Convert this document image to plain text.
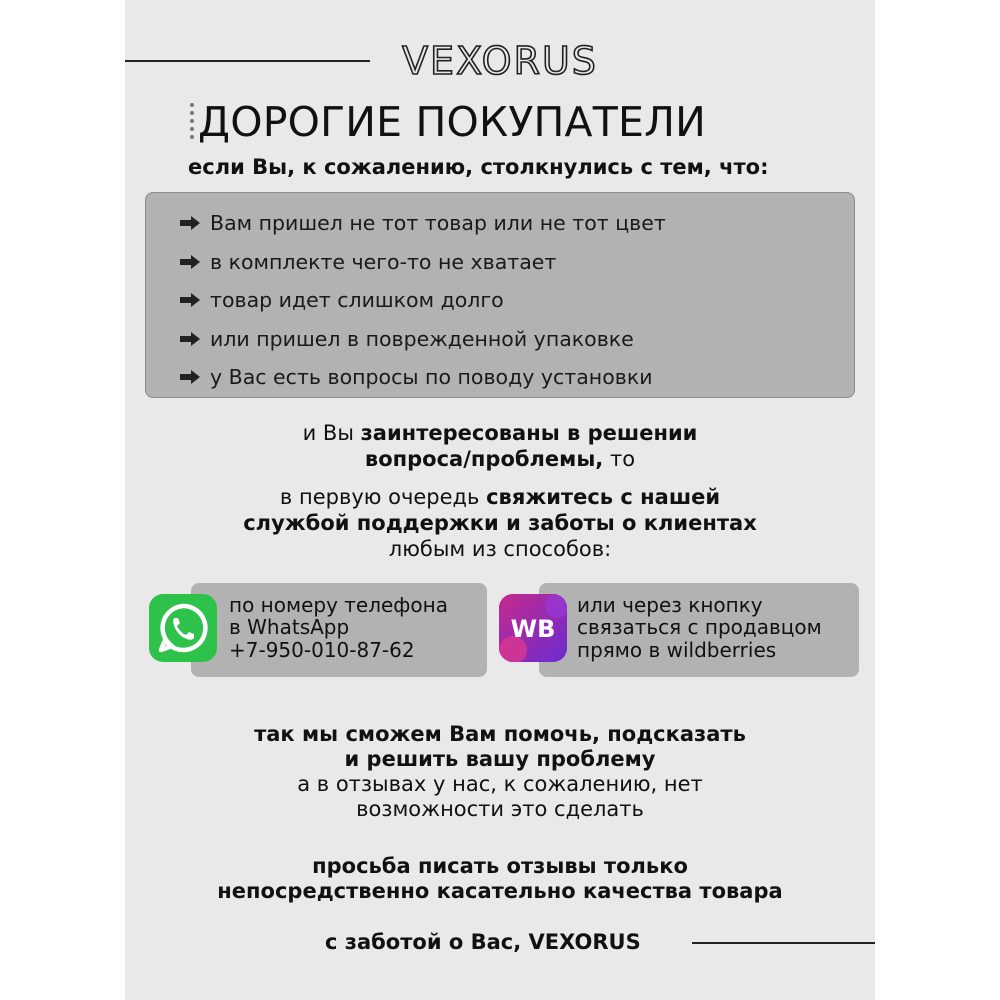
VEXORUS
ДОРОГИЕ ПОКУПАТЕЛИ
если Вы, к сожалению, столкнулись с тем, что:
Вам пришел не тот товар или не тот цвет
в комплекте чего-то не хватает
товар идет слишком долго
или пришел в поврежденной упаковке
у Вас есть вопросы по поводу установки
и Вы заинтересованы в решении
вопроса/проблемы, то
в первую очередь свяжитесь с нашей
службой поддержки и заботы о клиентах
любым из способов:
по номеру телефона
в WhatsApp
+7-950-010-87-62
WB
или через кнопку
связаться с продавцом
прямо в wildberries
так мы сможем Вам помочь, подсказать
и решить вашу проблему
а в отзывах у нас, к сожалению, нет
возможности это сделать
просьба писать отзывы только
непосредственно касательно качества товара
с заботой о Вас, VEXORUS
